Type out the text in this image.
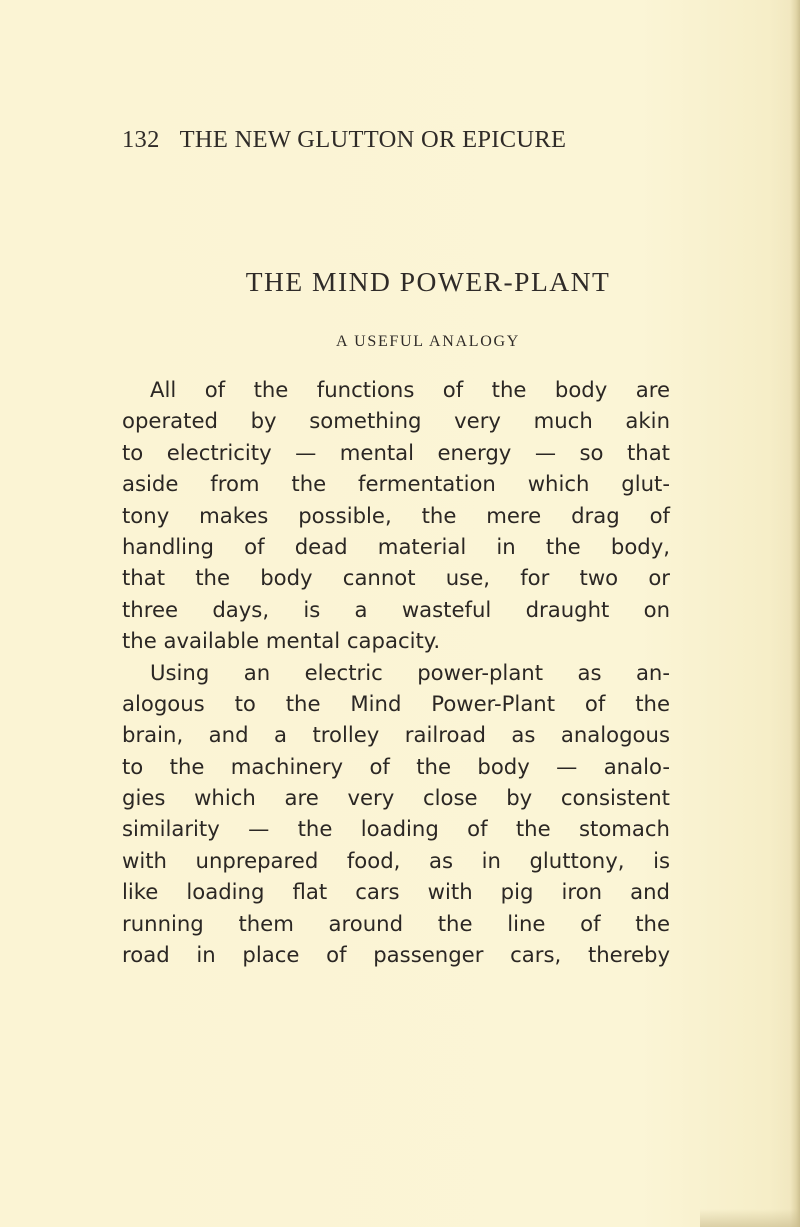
132 THE NEW GLUTTON OR EPICURE
THE MIND POWER-PLANT
A USEFUL ANALOGY
All of the functions of the body are
operated by something very much akin
to electricity — mental energy — so that
aside from the fermentation which glut-
tony makes possible, the mere drag of
handling of dead material in the body,
that the body cannot use, for two or
three days, is a wasteful draught on
the available mental capacity.
Using an electric power-plant as an-
alogous to the Mind Power-Plant of the
brain, and a trolley railroad as analogous
to the machinery of the body — analo-
gies which are very close by consistent
similarity — the loading of the stomach
with unprepared food, as in gluttony, is
like loading flat cars with pig iron and
running them around the line of the
road in place of passenger cars, thereby
